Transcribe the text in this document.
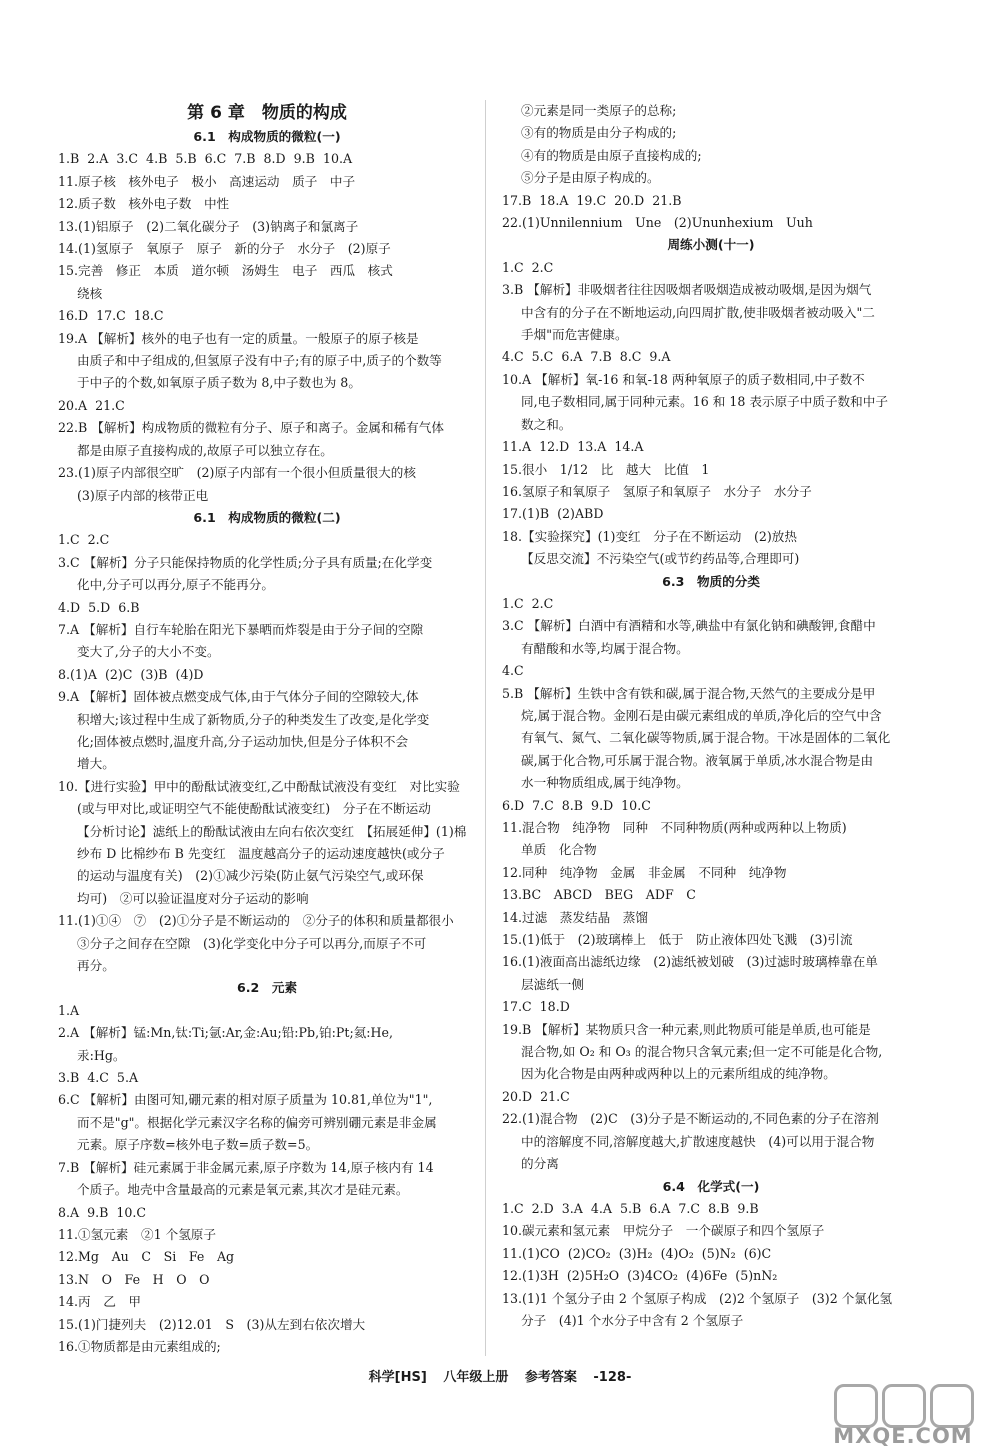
第 6 章　物质的构成
6.1　构成物质的微粒(一)
1.B  2.A  3.C  4.B  5.B  6.C  7.B  8.D  9.B  10.A
11.原子核　核外电子　极小　高速运动　质子　中子
12.质子数　核外电子数　中性
13.(1)铝原子　(2)二氧化碳分子　(3)钠离子和氯离子
14.(1)氢原子　氧原子　原子　新的分子　水分子　(2)原子
15.完善　修正　本质　道尔顿　汤姆生　电子　西瓜　核式
绕核
16.D  17.C  18.C
19.A 【解析】核外的电子也有一定的质量。一般原子的原子核是
由质子和中子组成的,但氢原子没有中子;有的原子中,质子的个数等
于中子的个数,如氧原子质子数为 8,中子数也为 8。
20.A  21.C
22.B 【解析】构成物质的微粒有分子、原子和离子。金属和稀有气体
都是由原子直接构成的,故原子可以独立存在。
23.(1)原子内部很空旷　(2)原子内部有一个很小但质量很大的核
(3)原子内部的核带正电
6.1　构成物质的微粒(二)
1.C  2.C
3.C 【解析】分子只能保持物质的化学性质;分子具有质量;在化学变
化中,分子可以再分,原子不能再分。
4.D  5.D  6.B
7.A 【解析】自行车轮胎在阳光下暴晒而炸裂是由于分子间的空隙
变大了,分子的大小不变。
8.(1)A  (2)C  (3)B  (4)D
9.A 【解析】固体被点燃变成气体,由于气体分子间的空隙较大,体
积增大;该过程中生成了新物质,分子的种类发生了改变,是化学变
化;固体被点燃时,温度升高,分子运动加快,但是分子体积不会
增大。
10.【进行实验】甲中的酚酞试液变红,乙中酚酞试液没有变红　对比实验
(或与甲对比,或证明空气不能使酚酞试液变红)　分子在不断运动
【分析讨论】滤纸上的酚酞试液由左向右依次变红　【拓展延伸】(1)棉
纱布 D 比棉纱布 B 先变红　温度越高分子的运动速度越快(或分子
的运动与温度有关)　(2)①减少污染(防止氨气污染空气,或环保
均可)　②可以验证温度对分子运动的影响
11.(1)①④　⑦　(2)①分子是不断运动的　②分子的体积和质量都很小
③分子之间存在空隙　(3)化学变化中分子可以再分,而原子不可
再分。
6.2　元素
1.A
2.A 【解析】锰:Mn,钛:Ti;氩:Ar,金:Au;铅:Pb,铂:Pt;氦:He,
汞:Hg。
3.B  4.C  5.A
6.C 【解析】由图可知,硼元素的相对原子质量为 10.81,单位为"1",
而不是"g"。根据化学元素汉字名称的偏旁可辨别硼元素是非金属
元素。原子序数=核外电子数=质子数=5。
7.B 【解析】硅元素属于非金属元素,原子序数为 14,原子核内有 14
个质子。地壳中含量最高的元素是氧元素,其次才是硅元素。
8.A  9.B  10.C
11.①氢元素　②1 个氢原子
12.Mg　Au　C　Si　Fe　Ag
13.N　O　Fe　H　O　O
14.丙　乙　甲
15.(1)门捷列夫　(2)12.01　S　(3)从左到右依次增大
16.①物质都是由元素组成的;
②元素是同一类原子的总称;
③有的物质是由分子构成的;
④有的物质是由原子直接构成的;
⑤分子是由原子构成的。
17.B  18.A  19.C  20.D  21.B
22.(1)Unnilennium　Une　(2)Ununhexium　Uuh
周练小测(十一)
1.C  2.C
3.B 【解析】非吸烟者往往因吸烟者吸烟造成被动吸烟,是因为烟气
中含有的分子在不断地运动,向四周扩散,使非吸烟者被动吸入"二
手烟"而危害健康。
4.C  5.C  6.A  7.B  8.C  9.A
10.A 【解析】氧-16 和氧-18 两种氧原子的质子数相同,中子数不
同,电子数相同,属于同种元素。16 和 18 表示原子中质子数和中子
数之和。
11.A  12.D  13.A  14.A
15.很小　1/12　比　越大　比值　1
16.氢原子和氧原子　氢原子和氧原子　水分子　水分子
17.(1)B  (2)ABD
18.【实验探究】(1)变红　分子在不断运动　(2)放热
【反思交流】不污染空气(或节约药品等,合理即可)
6.3　物质的分类
1.C  2.C
3.C 【解析】白酒中有酒精和水等,碘盐中有氯化钠和碘酸钾,食醋中
有醋酸和水等,均属于混合物。
4.C
5.B 【解析】生铁中含有铁和碳,属于混合物,天然气的主要成分是甲
烷,属于混合物。金刚石是由碳元素组成的单质,净化后的空气中含
有氧气、氮气、二氧化碳等物质,属于混合物。干冰是固体的二氧化
碳,属于化合物,可乐属于混合物。液氧属于单质,冰水混合物是由
水一种物质组成,属于纯净物。
6.D  7.C  8.B  9.D  10.C
11.混合物　纯净物　同种　不同种物质(两种或两种以上物质)
单质　化合物
12.同种　纯净物　金属　非金属　不同种　纯净物
13.BC　ABCD　BEG　ADF　C
14.过滤　蒸发结晶　蒸馏
15.(1)低于　(2)玻璃棒上　低于　防止液体四处飞溅　(3)引流
16.(1)液面高出滤纸边缘　(2)滤纸被划破　(3)过滤时玻璃棒靠在单
层滤纸一侧
17.C  18.D
19.B 【解析】某物质只含一种元素,则此物质可能是单质,也可能是
混合物,如 O₂ 和 O₃ 的混合物只含氧元素;但一定不可能是化合物,
因为化合物是由两种或两种以上的元素所组成的纯净物。
20.D  21.C
22.(1)混合物　(2)C　(3)分子是不断运动的,不同色素的分子在溶剂
中的溶解度不同,溶解度越大,扩散速度越快　(4)可以用于混合物
的分离
6.4　化学式(一)
1.C  2.D  3.A  4.A  5.B  6.A  7.C  8.B  9.B
10.碳元素和氢元素　甲烷分子　一个碳原子和四个氢原子
11.(1)CO  (2)CO₂  (3)H₂  (4)O₂  (5)N₂  (6)C
12.(1)3H  (2)5H₂O  (3)4CO₂  (4)6Fe  (5)nN₂
13.(1)1 个氢分子由 2 个氢原子构成　(2)2 个氢原子　(3)2 个氯化氢
分子　(4)1 个水分子中含有 2 个氢原子
科学[HS] 八年级上册 参考答案 -128-
MXQE.COM
